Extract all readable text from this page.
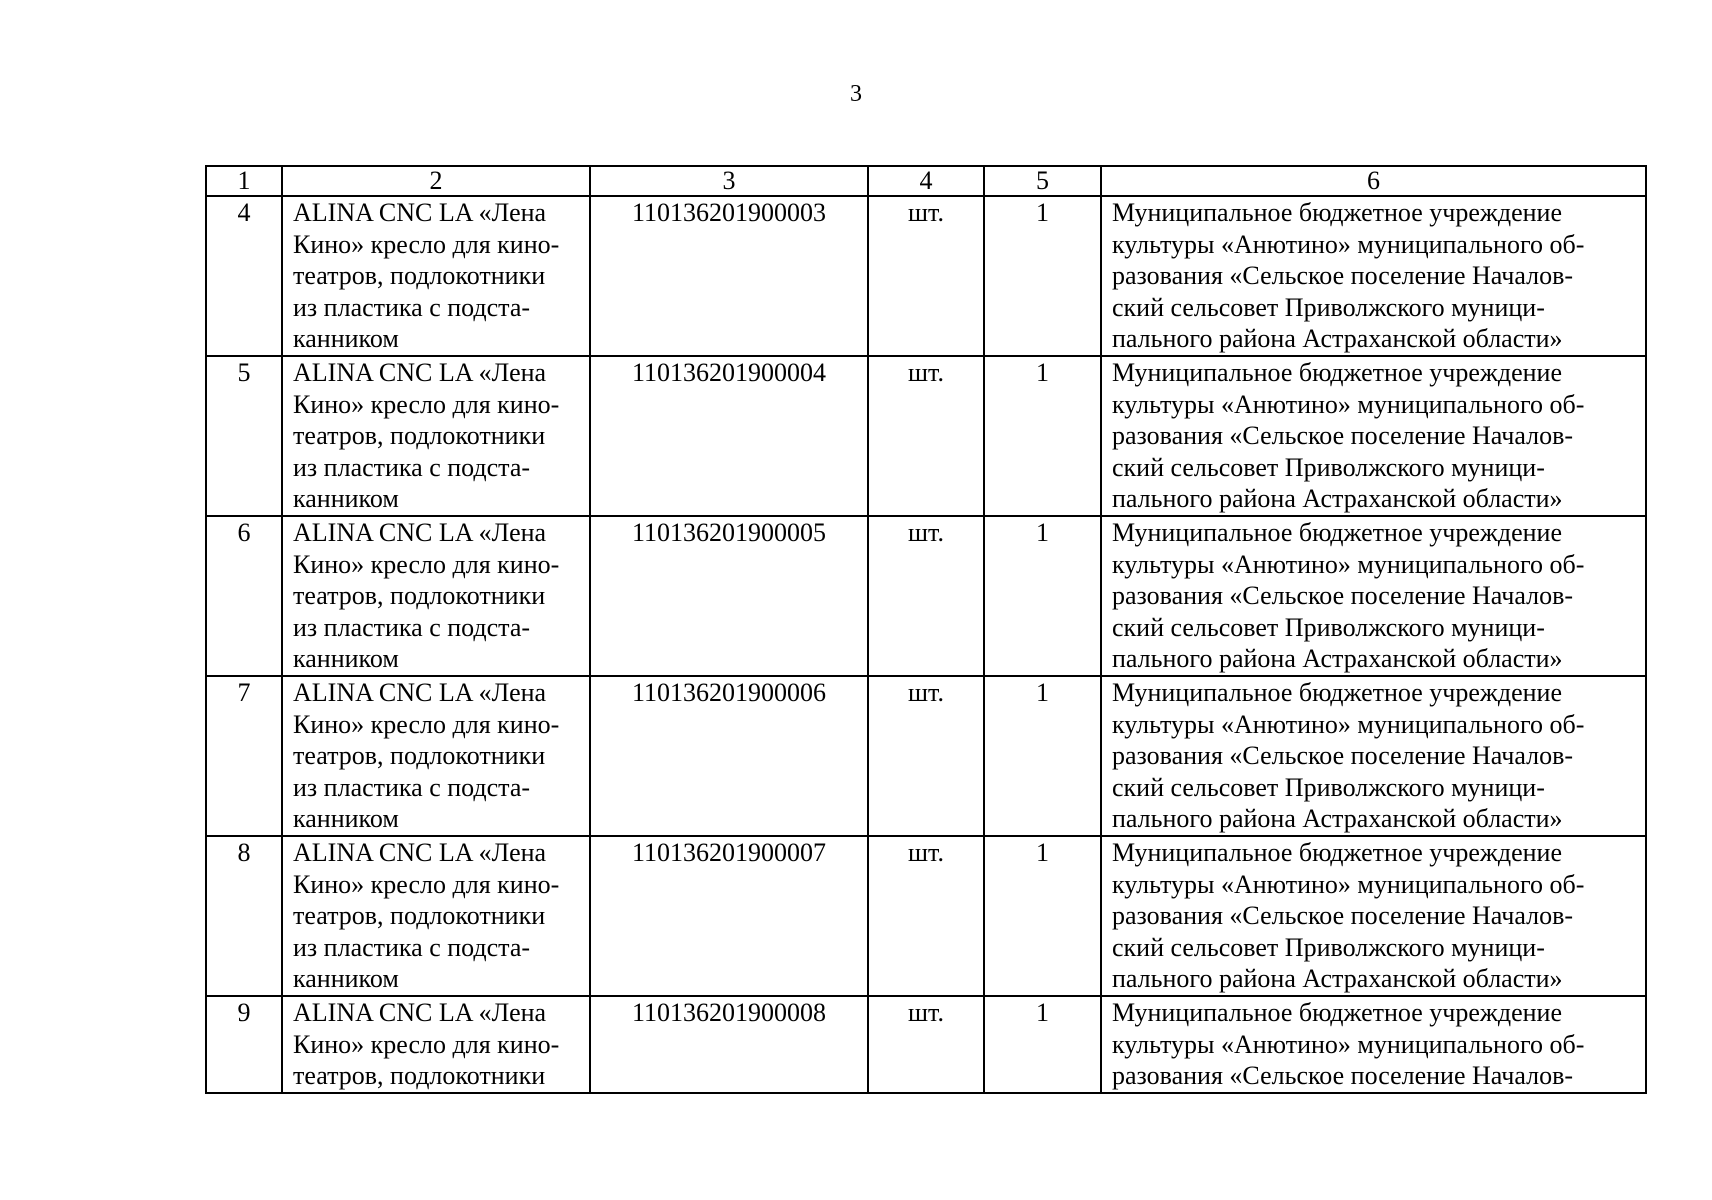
3
1	2	3	4	5	6
4	ALINA CNC LA «Лена
Кино» кресло для кино-
театров, подлокотники
из пластика с подста-
канником	110136201900003	шт.	1	Муниципальное бюджетное учреждение
культуры «Анютино» муниципального об-
разования «Сельское поселение Началов-
ский сельсовет Приволжского муници-
пального района Астраханской области»
5	ALINA CNC LA «Лена
Кино» кресло для кино-
театров, подлокотники
из пластика с подста-
канником	110136201900004	шт.	1	Муниципальное бюджетное учреждение
культуры «Анютино» муниципального об-
разования «Сельское поселение Началов-
ский сельсовет Приволжского муници-
пального района Астраханской области»
6	ALINA CNC LA «Лена
Кино» кресло для кино-
театров, подлокотники
из пластика с подста-
канником	110136201900005	шт.	1	Муниципальное бюджетное учреждение
культуры «Анютино» муниципального об-
разования «Сельское поселение Началов-
ский сельсовет Приволжского муници-
пального района Астраханской области»
7	ALINA CNC LA «Лена
Кино» кресло для кино-
театров, подлокотники
из пластика с подста-
канником	110136201900006	шт.	1	Муниципальное бюджетное учреждение
культуры «Анютино» муниципального об-
разования «Сельское поселение Началов-
ский сельсовет Приволжского муници-
пального района Астраханской области»
8	ALINA CNC LA «Лена
Кино» кресло для кино-
театров, подлокотники
из пластика с подста-
канником	110136201900007	шт.	1	Муниципальное бюджетное учреждение
культуры «Анютино» муниципального об-
разования «Сельское поселение Началов-
ский сельсовет Приволжского муници-
пального района Астраханской области»
9	ALINA CNC LA «Лена
Кино» кресло для кино-
театров, подлокотники	110136201900008	шт.	1	Муниципальное бюджетное учреждение
культуры «Анютино» муниципального об-
разования «Сельское поселение Началов-
